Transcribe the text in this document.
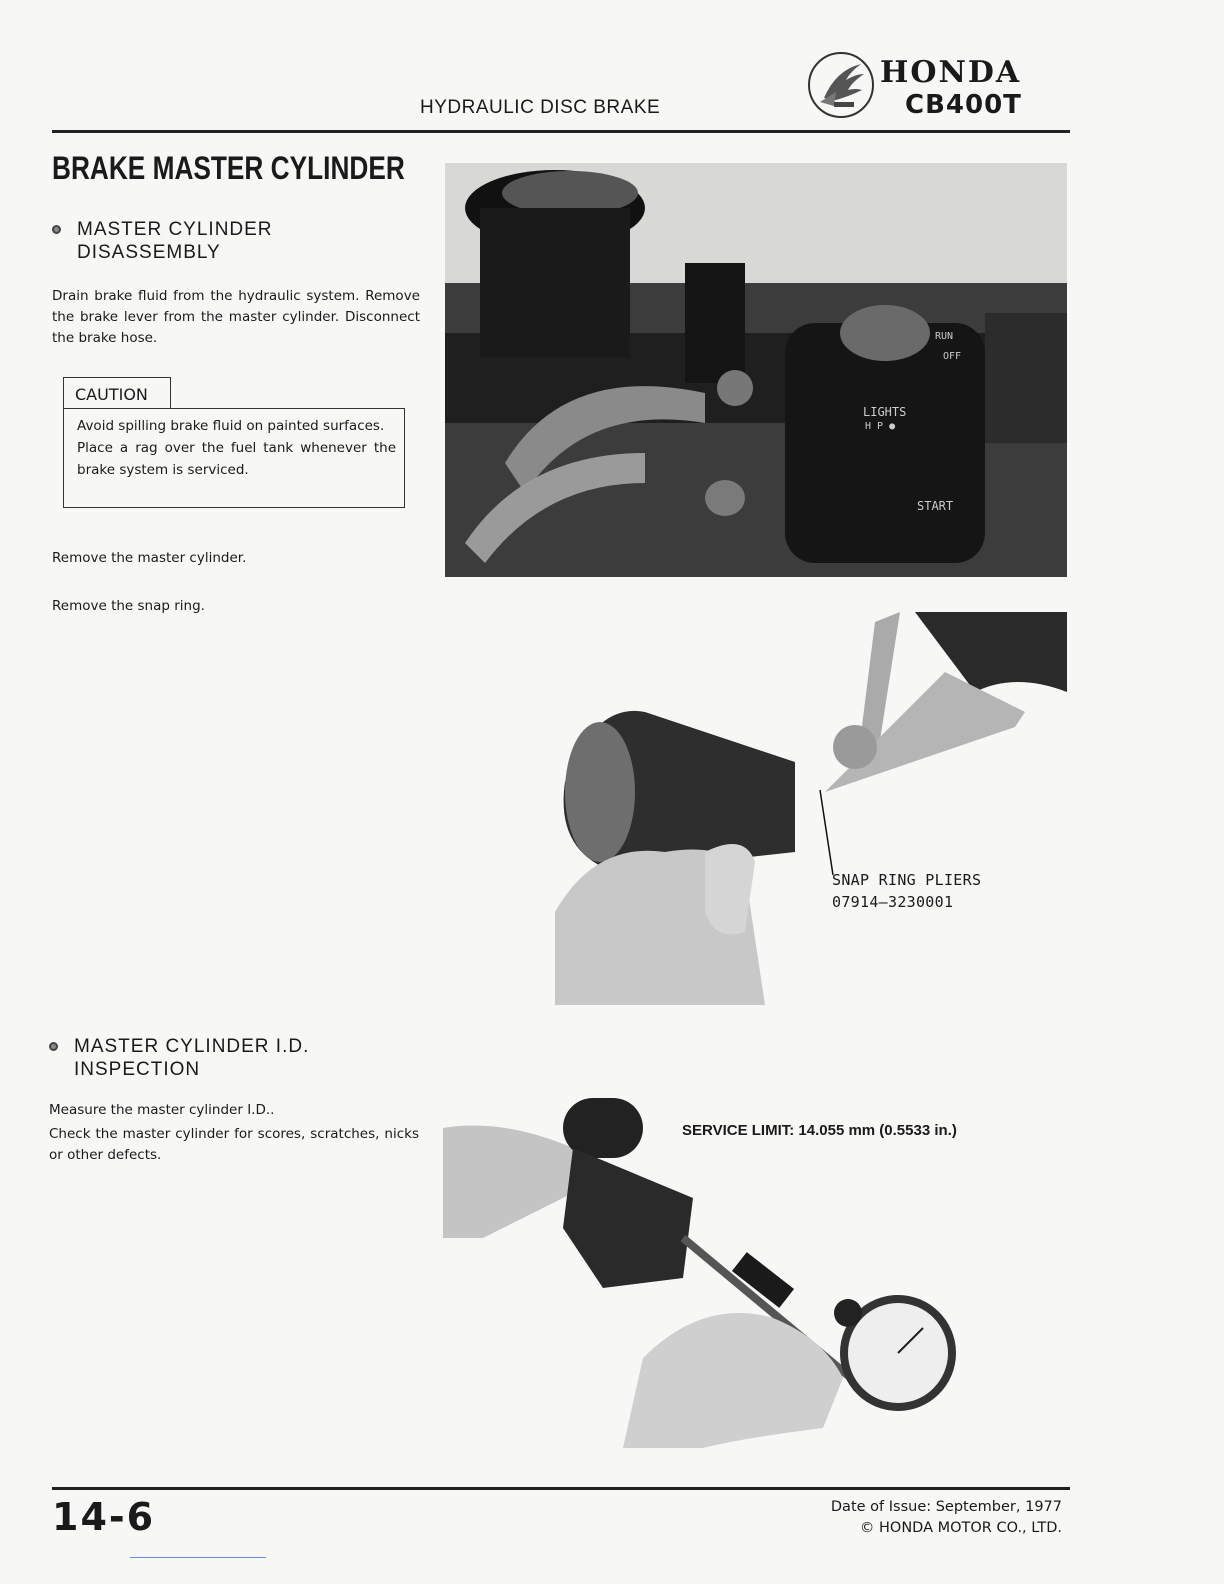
HYDRAULIC DISC BRAKE
HONDA
CB400T
BRAKE MASTER CYLINDER
MASTER CYLINDER
DISASSEMBLY
Drain brake fluid from the hydraulic system. Remove the brake lever from the master cylinder. Disconnect the brake hose.
CAUTION
Avoid spilling brake fluid on painted surfaces.
Place a rag over the fuel tank whenever the brake system is serviced.
Remove the master cylinder.
Remove the snap ring.
RUN
OFF
LIGHTS
H P ●
START
SNAP RING PLIERS
07914–3230001
MASTER CYLINDER I.D.
INSPECTION
Measure the master cylinder I.D..
Check the master cylinder for scores, scratches, nicks or other defects.
SERVICE LIMIT: 14.055 mm (0.5533 in.)
14-6	Date of Issue: September, 1977
© HONDA MOTOR CO., LTD.
